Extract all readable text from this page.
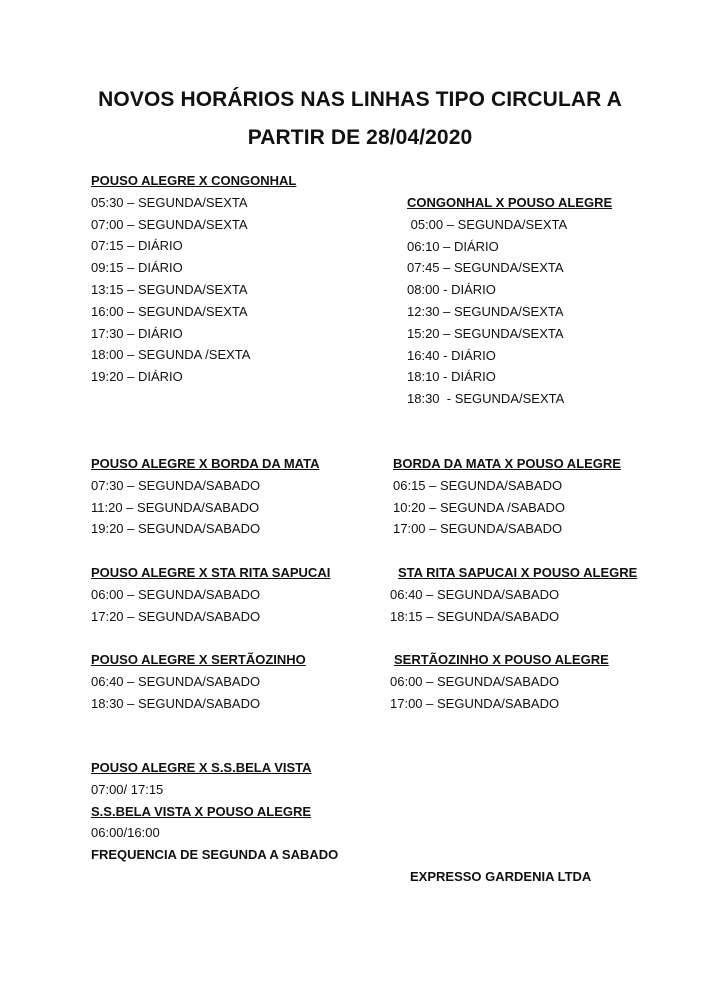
NOVOS HORÁRIOS NAS LINHAS TIPO CIRCULAR A
PARTIR DE 28/04/2020
POUSO ALEGRE X CONGONHAL
05:30 – SEGUNDA/SEXTA
07:00 – SEGUNDA/SEXTA
07:15 – DIÁRIO
09:15 – DIÁRIO
13:15 – SEGUNDA/SEXTA
16:00 – SEGUNDA/SEXTA
17:30 – DIÁRIO
18:00 – SEGUNDA /SEXTA
19:20 – DIÁRIO
CONGONHAL X POUSO ALEGRE
05:00 – SEGUNDA/SEXTA
06:10 – DIÁRIO
07:45 – SEGUNDA/SEXTA
08:00 - DIÁRIO
12:30 – SEGUNDA/SEXTA
15:20 – SEGUNDA/SEXTA
16:40 - DIÁRIO
18:10 - DIÁRIO
18:30  - SEGUNDA/SEXTA
POUSO ALEGRE X BORDA DA MATA
07:30 – SEGUNDA/SABADO
11:20 – SEGUNDA/SABADO
19:20 – SEGUNDA/SABADO
BORDA DA MATA X POUSO ALEGRE
06:15 – SEGUNDA/SABADO
10:20 – SEGUNDA /SABADO
17:00 – SEGUNDA/SABADO
POUSO ALEGRE X STA RITA SAPUCAI
06:00 – SEGUNDA/SABADO
17:20 – SEGUNDA/SABADO
STA RITA SAPUCAI X POUSO ALEGRE
06:40 – SEGUNDA/SABADO
18:15 – SEGUNDA/SABADO
POUSO ALEGRE X SERTÃOZINHO
06:40 – SEGUNDA/SABADO
18:30 – SEGUNDA/SABADO
SERTÃOZINHO X POUSO ALEGRE
06:00 – SEGUNDA/SABADO
17:00 – SEGUNDA/SABADO
POUSO ALEGRE X S.S.BELA VISTA
07:00/ 17:15
S.S.BELA VISTA X POUSO ALEGRE
06:00/16:00
FREQUENCIA DE SEGUNDA A SABADO
EXPRESSO GARDENIA LTDA
